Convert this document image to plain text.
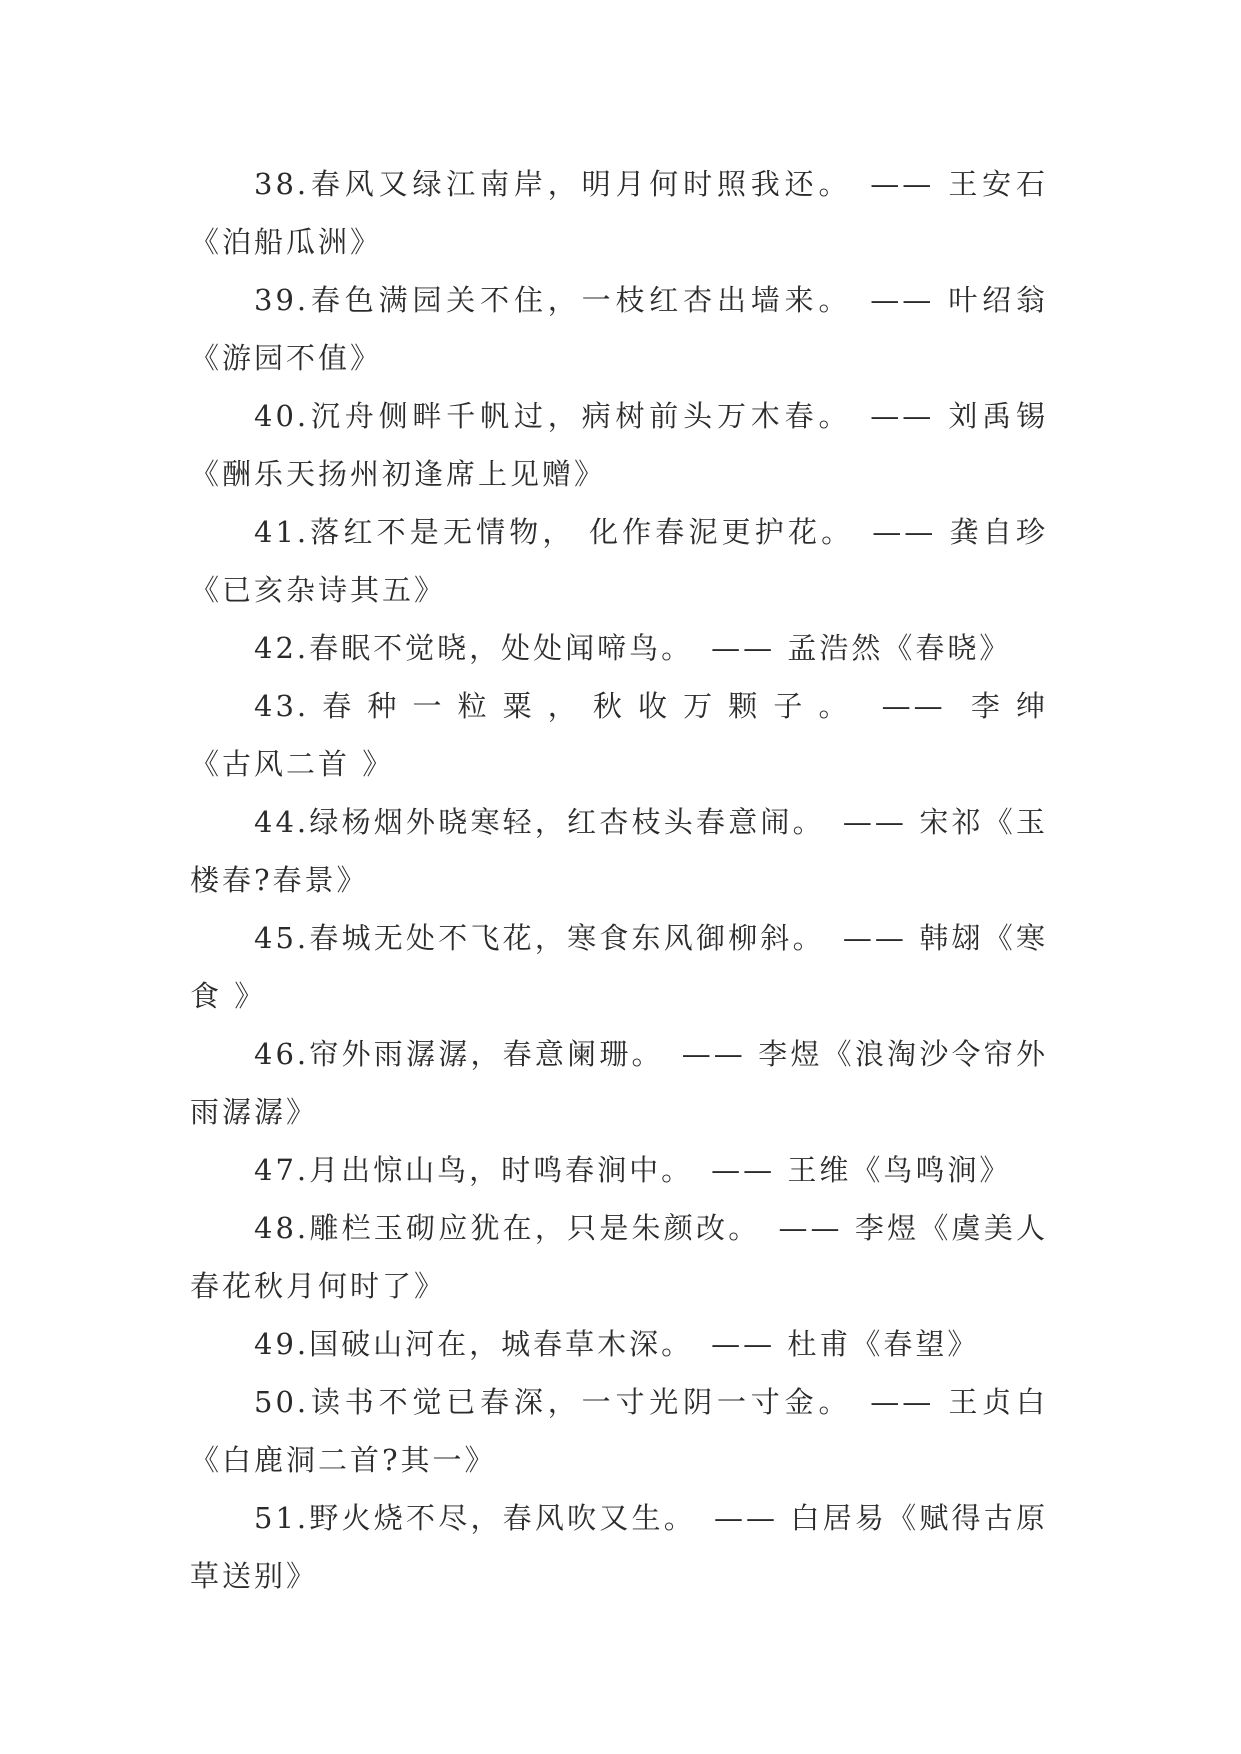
38.春风又绿江南岸，明月何时照我还。 —— 王安石《泊船瓜洲》

39.春色满园关不住，一枝红杏出墙来。 —— 叶绍翁《游园不值》

40.沉舟侧畔千帆过，病树前头万木春。 —— 刘禹锡《酬乐天扬州初逢席上见赠》

41.落红不是无情物， 化作春泥更护花。 —— 龚自珍《已亥杂诗其五》

42.春眠不觉晓，处处闻啼鸟。 —— 孟浩然《春晓》

43.春种一粒粟，秋收万颗子。 —— 李绅《古风二首 》

44.绿杨烟外晓寒轻，红杏枝头春意闹。 —— 宋祁《玉楼春?春景》

45.春城无处不飞花，寒食东风御柳斜。 —— 韩翃《寒食 》

46.帘外雨潺潺，春意阑珊。 —— 李煜《浪淘沙令帘外雨潺潺》

47.月出惊山鸟，时鸣春涧中。 —— 王维《鸟鸣涧》

48.雕栏玉砌应犹在，只是朱颜改。 —— 李煜《虞美人春花秋月何时了》

49.国破山河在，城春草木深。 —— 杜甫《春望》

50.读书不觉已春深，一寸光阴一寸金。 —— 王贞白《白鹿洞二首?其一》

51.野火烧不尽，春风吹又生。 —— 白居易《赋得古原草送别》
